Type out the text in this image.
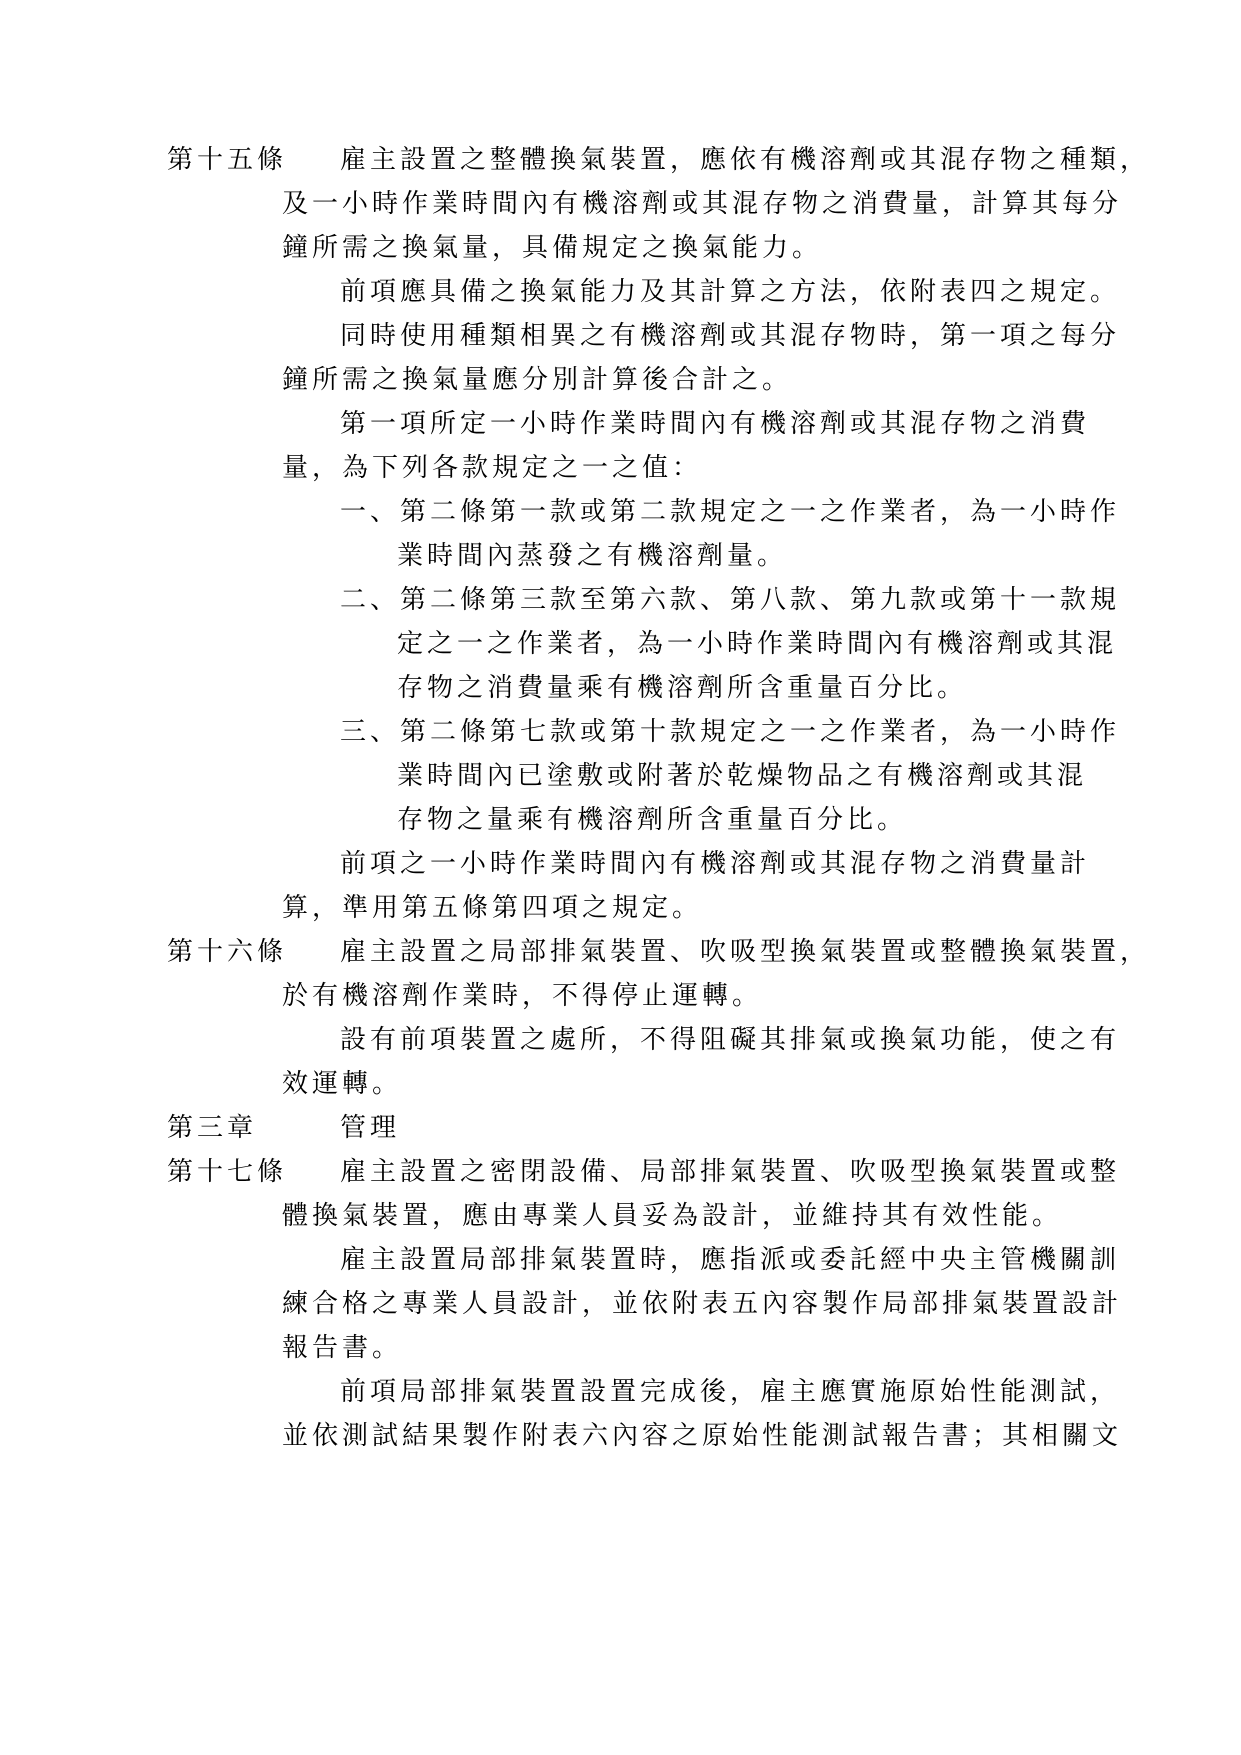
第十五條 雇主設置之整體換氣裝置，應依有機溶劑或其混存物之種類，
及一小時作業時間內有機溶劑或其混存物之消費量，計算其每分
鐘所需之換氣量，具備規定之換氣能力。
前項應具備之換氣能力及其計算之方法，依附表四之規定。
同時使用種類相異之有機溶劑或其混存物時，第一項之每分
鐘所需之換氣量應分別計算後合計之。
第一項所定一小時作業時間內有機溶劑或其混存物之消費
量，為下列各款規定之一之值：
一、第二條第一款或第二款規定之一之作業者，為一小時作
業時間內蒸發之有機溶劑量。
二、第二條第三款至第六款、第八款、第九款或第十一款規
定之一之作業者，為一小時作業時間內有機溶劑或其混
存物之消費量乘有機溶劑所含重量百分比。
三、第二條第七款或第十款規定之一之作業者，為一小時作
業時間內已塗敷或附著於乾燥物品之有機溶劑或其混
存物之量乘有機溶劑所含重量百分比。
前項之一小時作業時間內有機溶劑或其混存物之消費量計
算，準用第五條第四項之規定。
第十六條 雇主設置之局部排氣裝置、吹吸型換氣裝置或整體換氣裝置，
於有機溶劑作業時，不得停止運轉。
設有前項裝置之處所，不得阻礙其排氣或換氣功能，使之有
效運轉。
第三章	管理
第十七條 雇主設置之密閉設備、局部排氣裝置、吹吸型換氣裝置或整
體換氣裝置，應由專業人員妥為設計，並維持其有效性能。
雇主設置局部排氣裝置時，應指派或委託經中央主管機關訓
練合格之專業人員設計，並依附表五內容製作局部排氣裝置設計
報告書。
前項局部排氣裝置設置完成後，雇主應實施原始性能測試，
並依測試結果製作附表六內容之原始性能測試報告書；其相關文
